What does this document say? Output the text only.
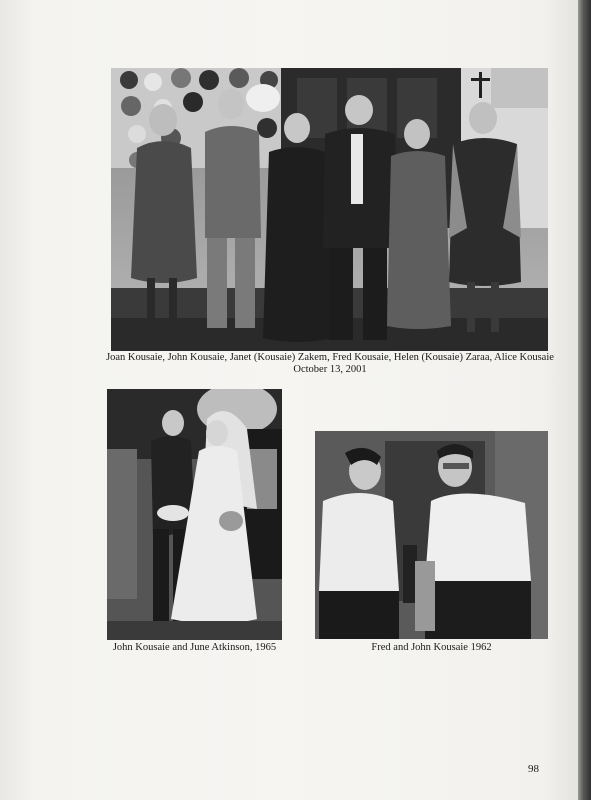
Joan Kousaie, John Kousaie, Janet (Kousaie) Zakem, Fred Kousaie, Helen (Kousaie) Zaraa, Alice Kousaie
October 13, 2001
John Kousaie and June Atkinson, 1965	Fred and John Kousaie 1962
98
